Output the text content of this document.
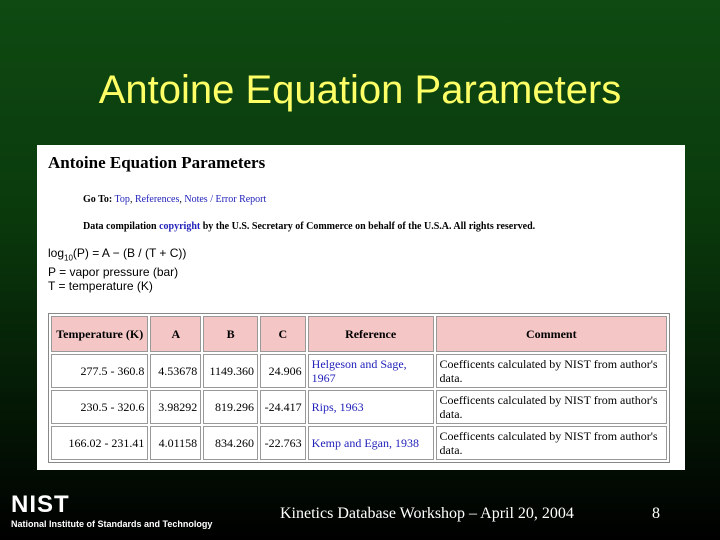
Antoine Equation Parameters
Antoine Equation Parameters
Go To: Top, References, Notes / Error Report
Data compilation copyright by the U.S. Secretary of Commerce on behalf of the U.S.A. All rights reserved.
$\log_{10}(P) = A - (B / (T + C))$
P = vapor pressure (bar)
T = temperature (K)
Temperature (K)	A	B	C	Reference	Comment
277.5 - 360.8	4.53678	1149.360	24.906	Helgeson and Sage, 1967	Coefficents calculated by NIST from author's data.
230.5 - 320.6	3.98292	819.296	-24.417	Rips, 1963	Coefficents calculated by NIST from author's data.
166.02 - 231.41	4.01158	834.260	-22.763	Kemp and Egan, 1938	Coefficents calculated by NIST from author's data.
NIST
National Institute of Standards and Technology
Kinetics Database Workshop – April 20, 2004	8
